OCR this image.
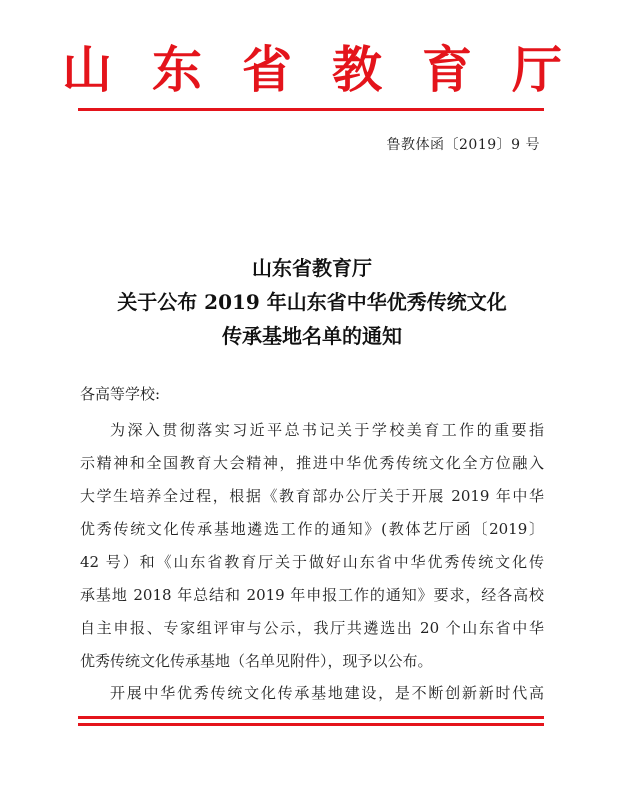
山 东 省 教 育 厅
鲁教体函〔2019〕9 号
山东省教育厅
关于公布 2019 年山东省中华优秀传统文化
传承基地名单的通知
各高等学校:
为深入贯彻落实习近平总书记关于学校美育工作的重要指
示精神和全国教育大会精神，推进中华优秀传统文化全方位融入
大学生培养全过程，根据《教育部办公厅关于开展 2019 年中华
优秀传统文化传承基地遴选工作的通知》(教体艺厅函〔2019〕
42 号）和《山东省教育厅关于做好山东省中华优秀传统文化传
承基地 2018 年总结和 2019 年申报工作的通知》要求，经各高校
自主申报、专家组评审与公示，我厅共遴选出 20 个山东省中华
优秀传统文化传承基地（名单见附件），现予以公布。
开展中华优秀传统文化传承基地建设，是不断创新新时代高
